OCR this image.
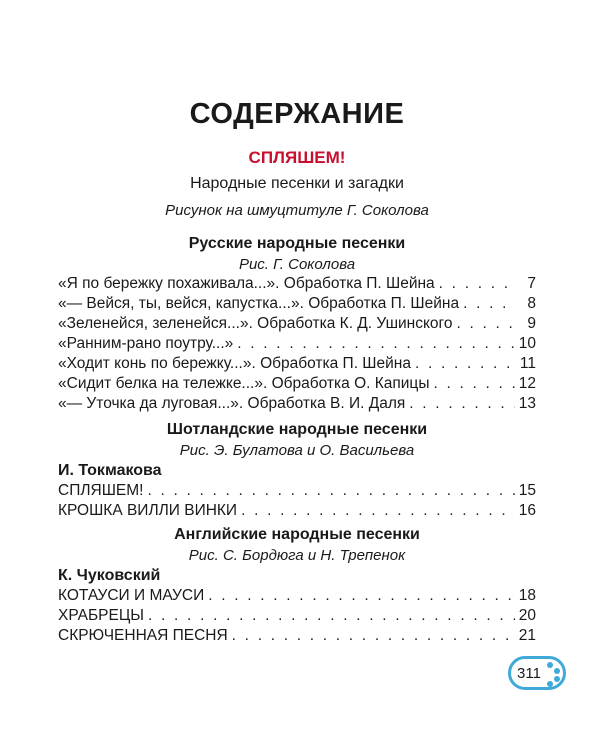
СОДЕРЖАНИЕ
СПЛЯШЕМ!
Народные песенки и загадки
Рисунок на шмуцтитуле Г. Соколова
Русские народные песенки
Рис. Г. Соколова
«Я по бережку похаживала...». Обработка П. Шейна . . .	7
«— Вейся, ты, вейся, капустка...». Обработка П. Шейна . . .	8
«Зеленейся, зеленейся...». Обработка К. Д. Ушинского . . .	9
«Ранним-рано поутру...» . . .	10
«Ходит конь по бережку...». Обработка П. Шейна . . .	11
«Сидит белка на тележке...». Обработка О. Капицы . . .	12
«— Уточка да луговая...». Обработка В. И. Даля . . .	13
Шотландские народные песенки
Рис. Э. Булатова и О. Васильева
И. Токмакова
СПЛЯШЕМ! . . .	15
КРОШКА ВИЛЛИ ВИНКИ . . .	16
Английские народные песенки
Рис. С. Бордюга и Н. Трепенок
К. Чуковский
КОТАУСИ И МАУСИ . . .	18
ХРАБРЕЦЫ . . .	20
СКРЮЧЕННАЯ ПЕСНЯ . . .	21
311
